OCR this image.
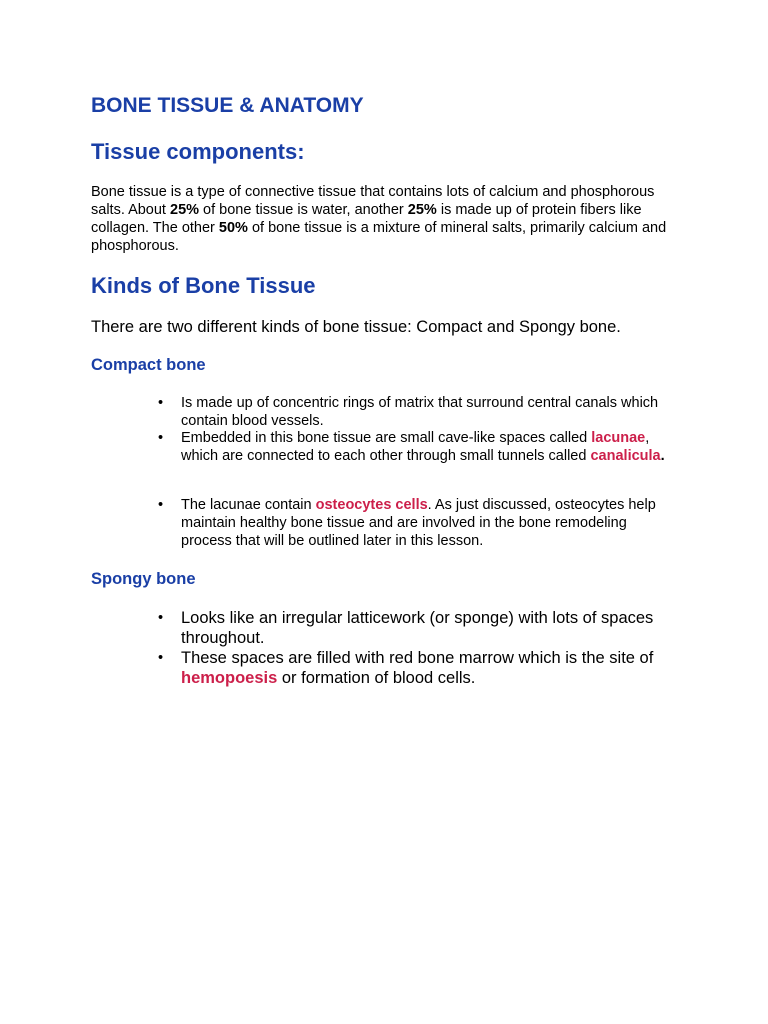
BONE TISSUE & ANATOMY
Tissue components:

Bone tissue is a type of connective tissue that contains lots of calcium and phosphorous salts. About 25% of bone tissue is water, another 25% is made up of protein fibers like collagen. The other 50% of bone tissue is a mixture of mineral salts, primarily calcium and phosphorous.

Kinds of Bone Tissue

There are two different kinds of bone tissue: Compact and Spongy bone.

Compact bone
• Is made up of concentric rings of matrix that surround central canals which contain blood vessels.
• Embedded in this bone tissue are small cave-like spaces called lacunae, which are connected to each other through small tunnels called canalicula.
• The lacunae contain osteocytes cells. As just discussed, osteocytes help maintain healthy bone tissue and are involved in the bone remodeling process that will be outlined later in this lesson.
Spongy bone
• Looks like an irregular latticework (or sponge) with lots of spaces throughout.
• These spaces are filled with red bone marrow which is the site of hemopoesis or formation of blood cells.
